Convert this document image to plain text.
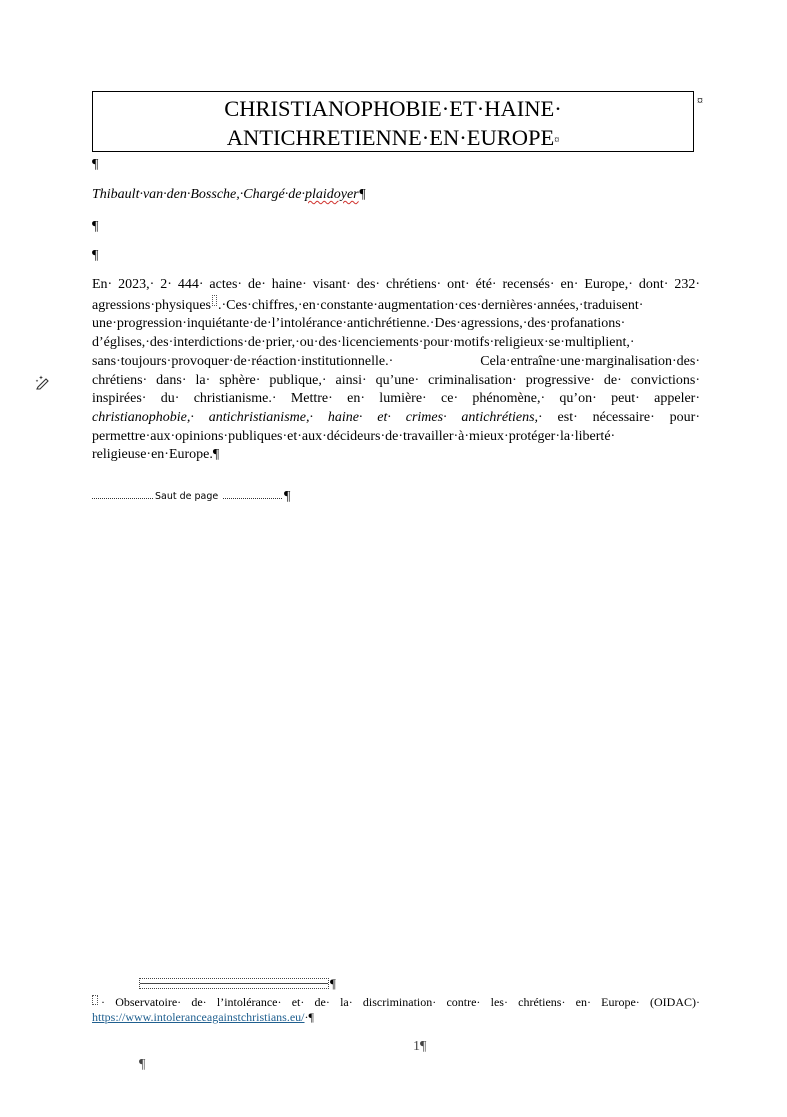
CHRISTIANOPHOBIE·ET·HAINE·
ANTICHRETIENNE·EN·EUROPE¤
¤
¶
Thibault·van·den·Bossche,·Chargé·de·plaidoyer¶
¶
¶
En· 2023,· 2· 444· actes· de· haine· visant· des· chrétiens· ont· été· recensés· en· Europe,· dont· 232·
agressions·physiques .·Ces·chiffres,·en·constante·augmentation·ces·dernières·années,·traduisent·
une·progression·inquiétante·de·l’intolérance·antichrétienne.·Des·agressions,·des·profanations·
d’églises,·des·interdictions·de·prier,·ou·des·licenciements·pour·motifs·religieux·se·multiplient,·
sans·toujours·provoquer·de·réaction·institutionnelle.· Cela·entraîne·une·marginalisation·des·
chrétiens· dans· la· sphère· publique,· ainsi· qu’une· criminalisation· progressive· de· convictions·
inspirées· du· christianisme.· Mettre· en· lumière· ce· phénomène,· qu’on· peut· appeler·
christianophobie,· antichristianisme,· haine· et· crimes· antichrétiens,· est· nécessaire· pour·
permettre·aux·opinions·publiques·et·aux·décideurs·de·travailler·à·mieux·protéger·la·liberté·
religieuse·en·Europe.¶
Saut de page	¶
¶
· Observatoire· de· l’intolérance· et· de· la· discrimination· contre· les· chrétiens· en· Europe· (OIDAC)·
https://www.intoleranceagainstchristians.eu/·¶
1¶
¶
